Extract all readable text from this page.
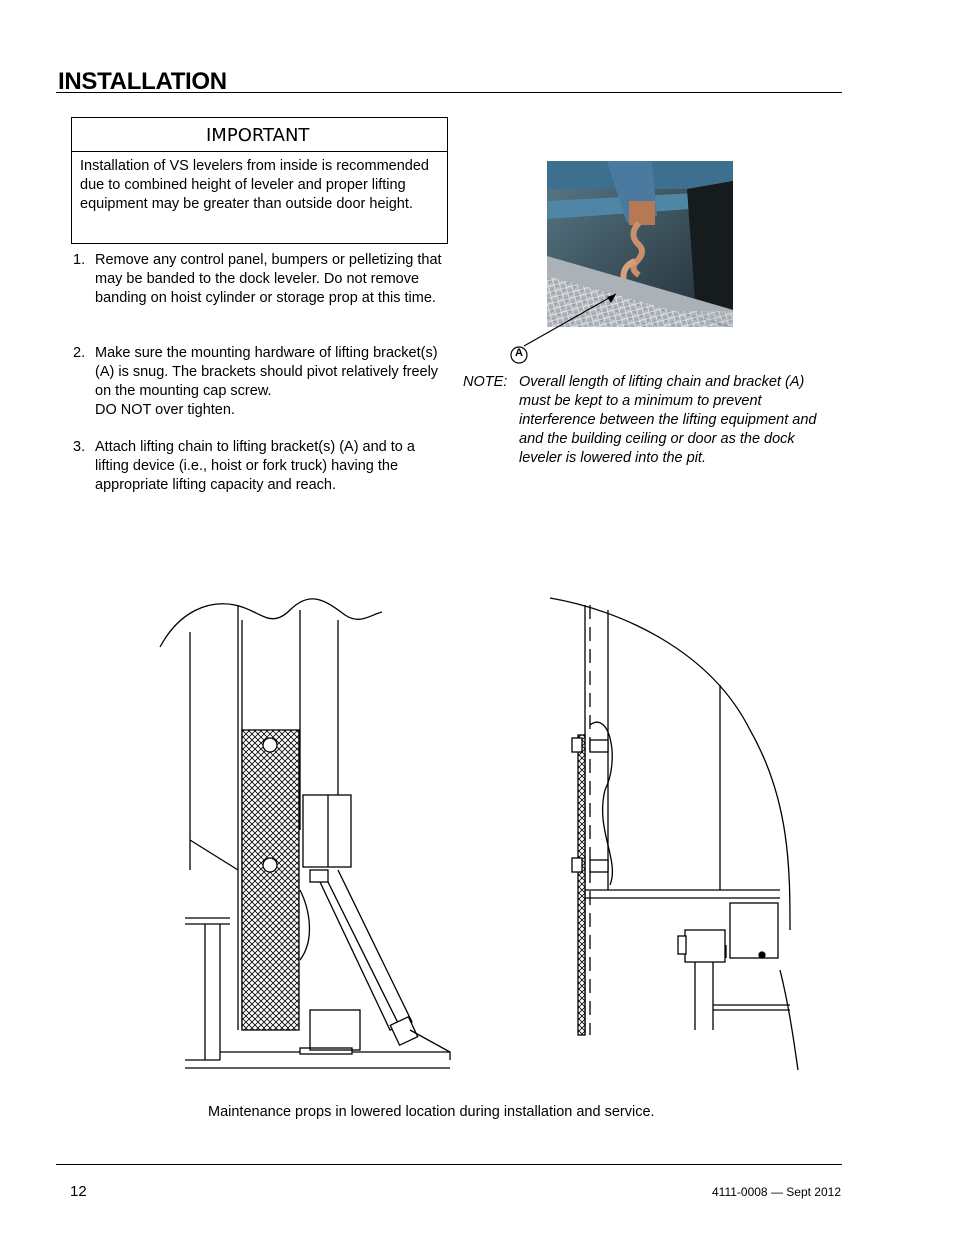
INSTALLATION
IMPORTANT
Installation of VS levelers from inside is recommended due to combined height of leveler and proper lifting equipment may be greater than outside door height.
1. Remove any control panel, bumpers or pelletizing that may be banded to the dock leveler. Do not remove banding on hoist cylinder or storage prop at this time.
2. Make sure the mounting hardware of lifting bracket(s) (A) is snug. The brackets should pivot relatively freely on the mounting cap screw.
DO NOT over tighten.
3. Attach lifting chain to lifting bracket(s) (A) and to a lifting device (i.e., hoist or fork truck) having the appropriate lifting capacity and reach.
A
NOTE: Overall length of lifting chain and bracket (A) must be kept to a minimum to prevent interference between the lifting equipment and and the building ceiling or door as the dock leveler is lowered into the pit.
Maintenance props in lowered location during installation and service.
12	4111-0008 — Sept 2012
